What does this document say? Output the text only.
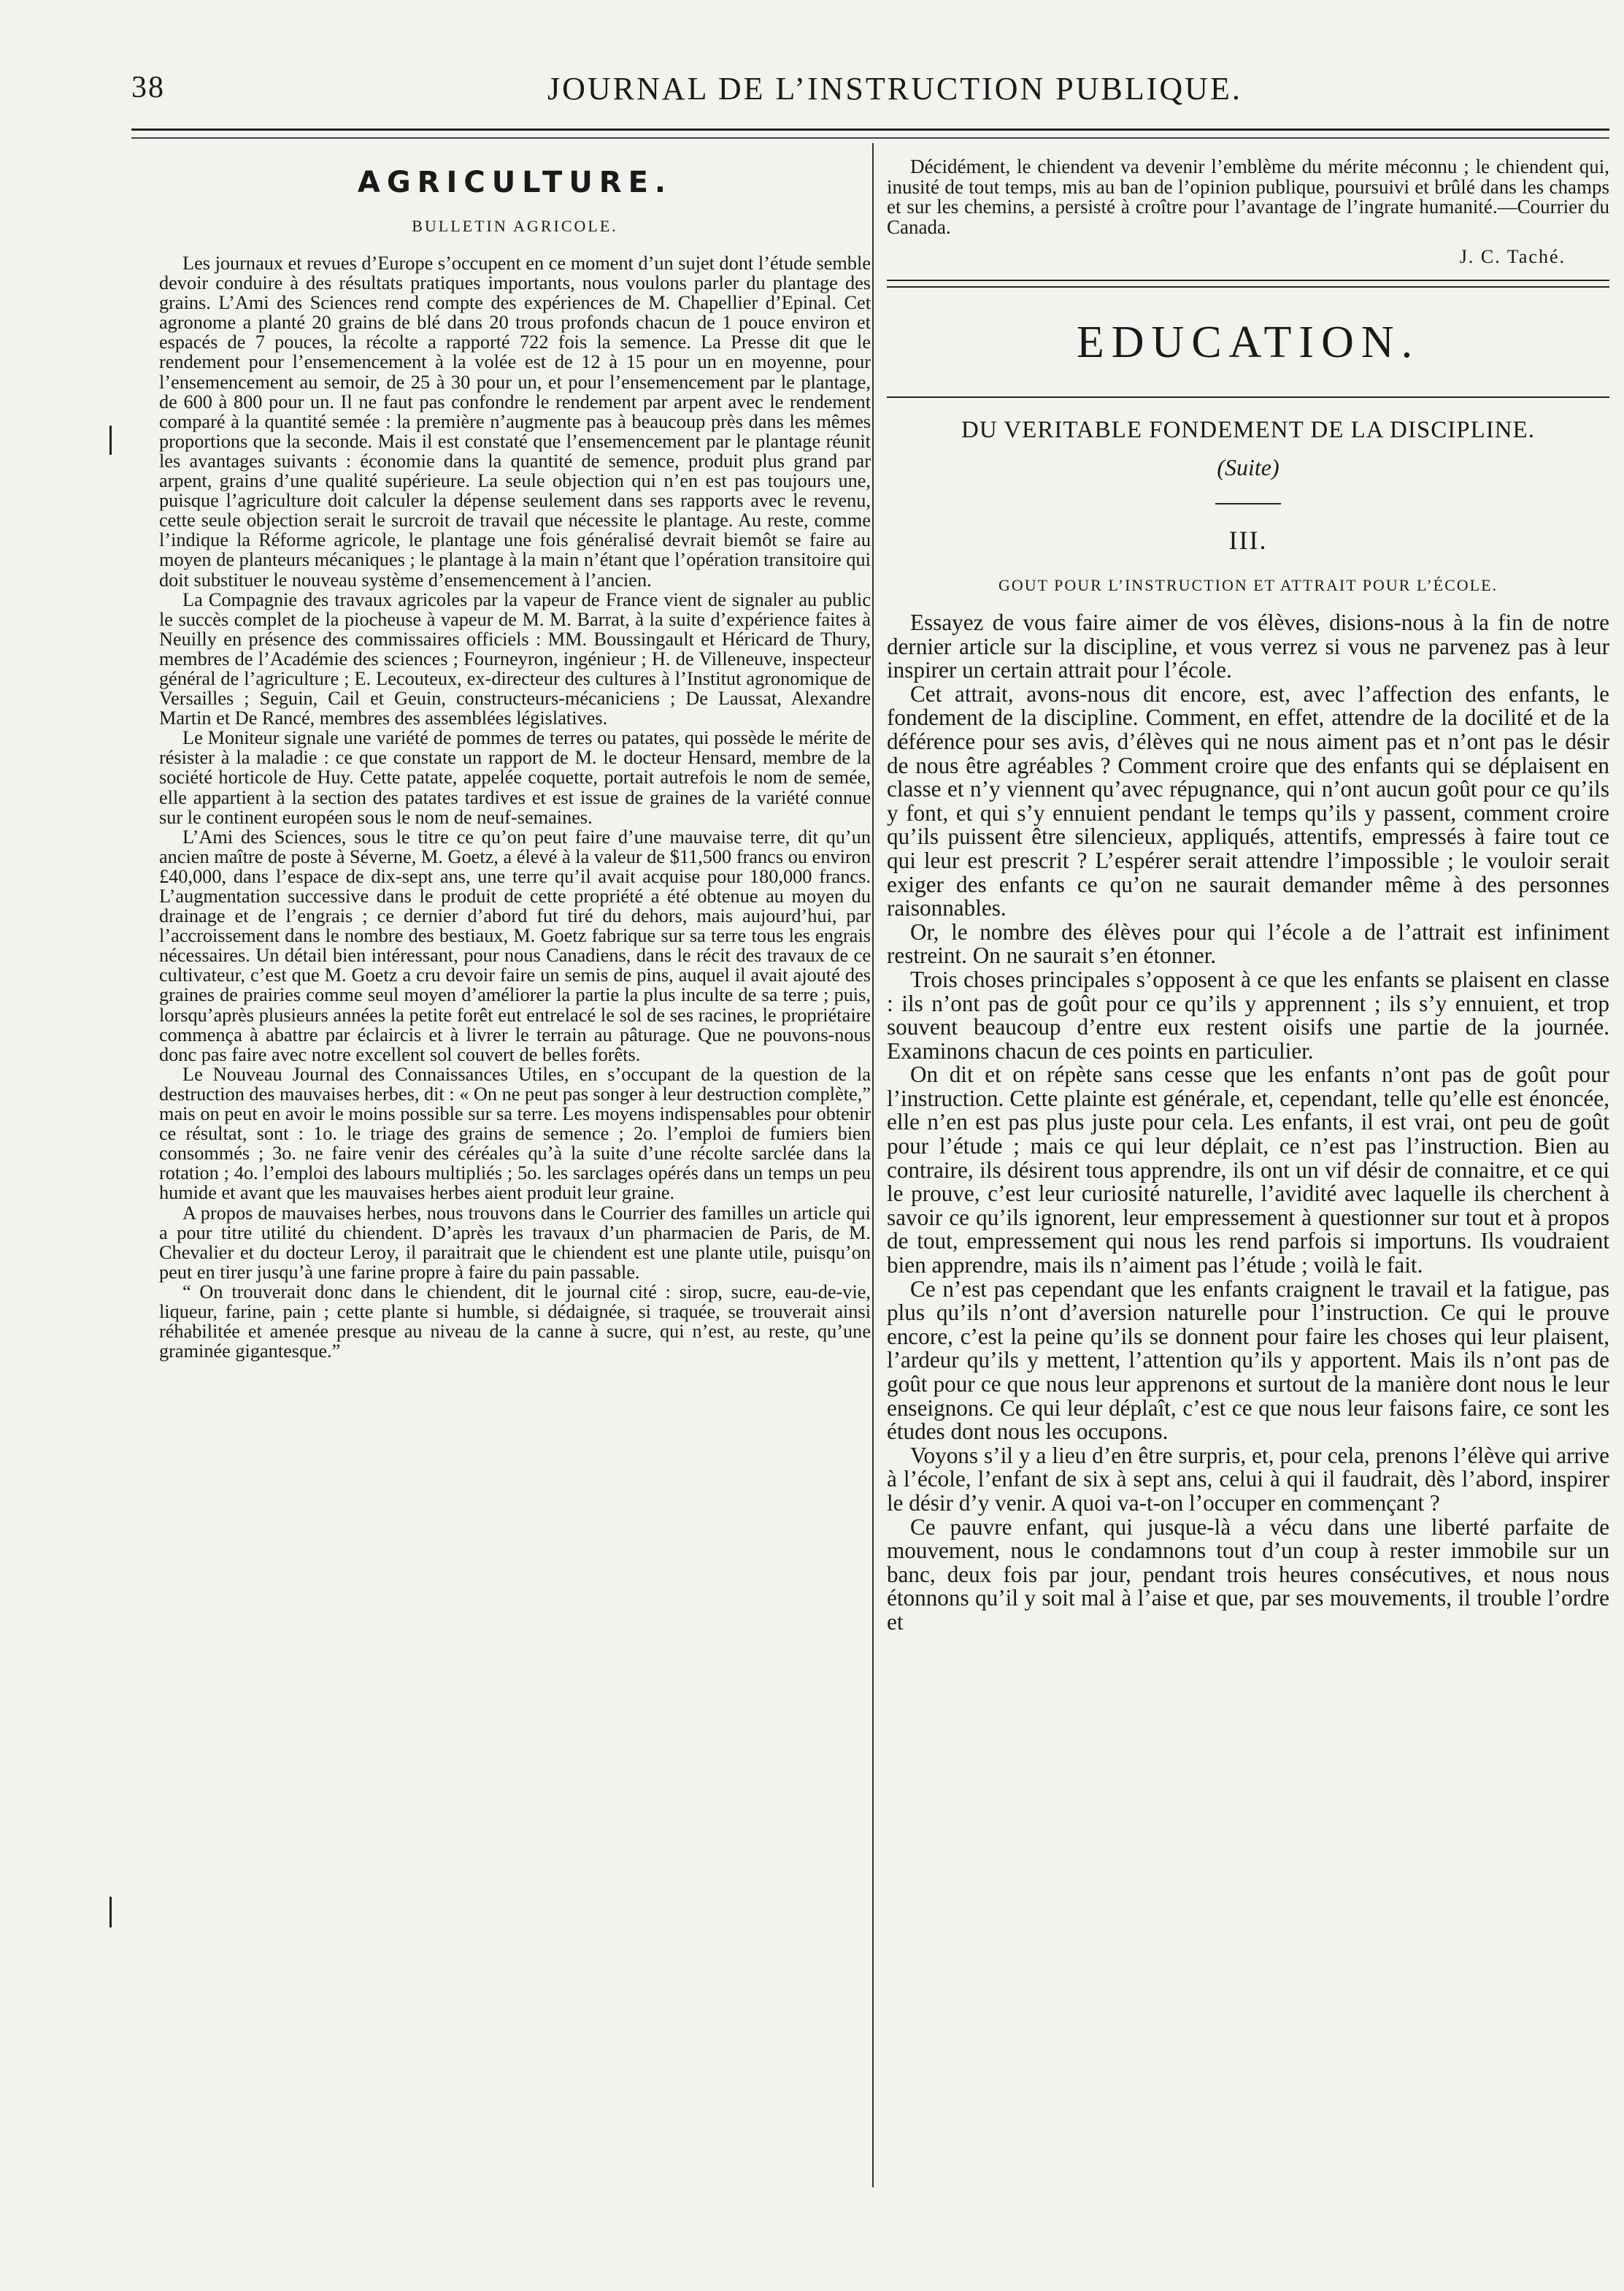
38	JOURNAL DE L’INSTRUCTION PUBLIQUE.
AGRICULTURE.
BULLETIN AGRICOLE.

Les journaux et revues d’Europe s’occupent en ce moment d’un sujet dont l’étude semble devoir conduire à des résultats pratiques importants, nous voulons parler du plantage des grains. L’Ami des Sciences rend compte des expériences de M. Chapellier d’Epinal. Cet agronome a planté 20 grains de blé dans 20 trous profonds chacun de 1 pouce environ et espacés de 7 pouces, la récolte a rapporté 722 fois la semence. La Presse dit que le rendement pour l’ensemencement à la volée est de 12 à 15 pour un en moyenne, pour l’ensemencement au semoir, de 25 à 30 pour un, et pour l’ensemencement par le plantage, de 600 à 800 pour un. Il ne faut pas confondre le rendement par arpent avec le rendement comparé à la quantité semée : la première n’augmente pas à beaucoup près dans les mêmes proportions que la seconde. Mais il est constaté que l’ensemencement par le plantage réunit les avantages suivants : économie dans la quantité de semence, produit plus grand par arpent, grains d’une qualité supérieure. La seule objection qui n’en est pas toujours une, puisque l’agriculture doit calculer la dépense seulement dans ses rapports avec le revenu, cette seule objection serait le surcroit de travail que nécessite le plantage. Au reste, comme l’indique la Réforme agricole, le plantage une fois généralisé devrait biemôt se faire au moyen de planteurs mécaniques ; le plantage à la main n’étant que l’opération transitoire qui doit substituer le nouveau système d’ensemencement à l’ancien.

La Compagnie des travaux agricoles par la vapeur de France vient de signaler au public le succès complet de la piocheuse à vapeur de M. M. Barrat, à la suite d’expérience faites à Neuilly en présence des commissaires officiels : MM. Boussingault et Héricard de Thury, membres de l’Académie des sciences ; Fourneyron, ingénieur ; H. de Villeneuve, inspecteur général de l’agriculture ; E. Lecouteux, ex-directeur des cultures à l’Institut agronomique de Versailles ; Seguin, Cail et Geuin, constructeurs-mécaniciens ; De Laussat, Alexandre Martin et De Rancé, membres des assemblées législatives.

Le Moniteur signale une variété de pommes de terres ou patates, qui possède le mérite de résister à la maladie : ce que constate un rapport de M. le docteur Hensard, membre de la société horticole de Huy. Cette patate, appelée coquette, portait autrefois le nom de semée, elle appartient à la section des patates tardives et est issue de graines de la variété connue sur le continent européen sous le nom de neuf-semaines.

L’Ami des Sciences, sous le titre ce qu’on peut faire d’une mauvaise terre, dit qu’un ancien maître de poste à Séverne, M. Goetz, a élevé à la valeur de $11,500 francs ou environ £40,000, dans l’espace de dix-sept ans, une terre qu’il avait acquise pour 180,000 francs. L’augmentation successive dans le produit de cette propriété a été obtenue au moyen du drainage et de l’engrais ; ce dernier d’abord fut tiré du dehors, mais aujourd’hui, par l’accroissement dans le nombre des bestiaux, M. Goetz fabrique sur sa terre tous les engrais nécessaires. Un détail bien intéressant, pour nous Canadiens, dans le récit des travaux de ce cultivateur, c’est que M. Goetz a cru devoir faire un semis de pins, auquel il avait ajouté des graines de prairies comme seul moyen d’améliorer la partie la plus inculte de sa terre ; puis, lorsqu’après plusieurs années la petite forêt eut entrelacé le sol de ses racines, le propriétaire commença à abattre par éclaircis et à livrer le terrain au pâturage. Que ne pouvons-nous donc pas faire avec notre excellent sol couvert de belles forêts.

Le Nouveau Journal des Connaissances Utiles, en s’occupant de la question de la destruction des mauvaises herbes, dit : « On ne peut pas songer à leur destruction complète,” mais on peut en avoir le moins possible sur sa terre. Les moyens indispensables pour obtenir ce résultat, sont : 1o. le triage des grains de semence ; 2o. l’emploi de fumiers bien consommés ; 3o. ne faire venir des céréales qu’à la suite d’une récolte sarclée dans la rotation ; 4o. l’emploi des labours multipliés ; 5o. les sarclages opérés dans un temps un peu humide et avant que les mauvaises herbes aient produit leur graine.

A propos de mauvaises herbes, nous trouvons dans le Courrier des familles un article qui a pour titre utilité du chiendent. D’après les travaux d’un pharmacien de Paris, de M. Chevalier et du docteur Leroy, il paraitrait que le chiendent est une plante utile, puisqu’on peut en tirer jusqu’à une farine propre à faire du pain passable.

“ On trouverait donc dans le chiendent, dit le journal cité : sirop, sucre, eau-de-vie, liqueur, farine, pain ; cette plante si humble, si dédaignée, si traquée, se trouverait ainsi réhabilitée et amenée presque au niveau de la canne à sucre, qui n’est, au reste, qu’une graminée gigantesque.”

Décidément, le chiendent va devenir l’emblème du mérite méconnu ; le chiendent qui, inusité de tout temps, mis au ban de l’opinion publique, poursuivi et brûlé dans les champs et sur les chemins, a persisté à croître pour l’avantage de l’ingrate humanité.—Courrier du Canada.

J. C. Taché.
EDUCATION.
DU VERITABLE FONDEMENT DE LA DISCIPLINE.
(Suite)
III.
GOUT POUR L’INSTRUCTION ET ATTRAIT POUR L’ÉCOLE.

Essayez de vous faire aimer de vos élèves, disions-nous à la fin de notre dernier article sur la discipline, et vous verrez si vous ne parvenez pas à leur inspirer un certain attrait pour l’école.

Cet attrait, avons-nous dit encore, est, avec l’affection des enfants, le fondement de la discipline. Comment, en effet, attendre de la docilité et de la déférence pour ses avis, d’élèves qui ne nous aiment pas et n’ont pas le désir de nous être agréables ? Comment croire que des enfants qui se déplaisent en classe et n’y viennent qu’avec répugnance, qui n’ont aucun goût pour ce qu’ils y font, et qui s’y ennuient pendant le temps qu’ils y passent, comment croire qu’ils puissent être silencieux, appliqués, attentifs, empressés à faire tout ce qui leur est prescrit ? L’espérer serait attendre l’impossible ; le vouloir serait exiger des enfants ce qu’on ne saurait demander même à des personnes raisonnables.

Or, le nombre des élèves pour qui l’école a de l’attrait est infiniment restreint. On ne saurait s’en étonner.

Trois choses principales s’opposent à ce que les enfants se plaisent en classe : ils n’ont pas de goût pour ce qu’ils y apprennent ; ils s’y ennuient, et trop souvent beaucoup d’entre eux restent oisifs une partie de la journée. Examinons chacun de ces points en particulier.

On dit et on répète sans cesse que les enfants n’ont pas de goût pour l’instruction. Cette plainte est générale, et, cependant, telle qu’elle est énoncée, elle n’en est pas plus juste pour cela. Les enfants, il est vrai, ont peu de goût pour l’étude ; mais ce qui leur déplait, ce n’est pas l’instruction. Bien au contraire, ils désirent tous apprendre, ils ont un vif désir de connaitre, et ce qui le prouve, c’est leur curiosité naturelle, l’avidité avec laquelle ils cherchent à savoir ce qu’ils ignorent, leur empressement à questionner sur tout et à propos de tout, empressement qui nous les rend parfois si importuns. Ils voudraient bien apprendre, mais ils n’aiment pas l’étude ; voilà le fait.

Ce n’est pas cependant que les enfants craignent le travail et la fatigue, pas plus qu’ils n’ont d’aversion naturelle pour l’instruction. Ce qui le prouve encore, c’est la peine qu’ils se donnent pour faire les choses qui leur plaisent, l’ardeur qu’ils y mettent, l’attention qu’ils y apportent. Mais ils n’ont pas de goût pour ce que nous leur apprenons et surtout de la manière dont nous le leur enseignons. Ce qui leur déplaît, c’est ce que nous leur faisons faire, ce sont les études dont nous les occupons.

Voyons s’il y a lieu d’en être surpris, et, pour cela, prenons l’élève qui arrive à l’école, l’enfant de six à sept ans, celui à qui il faudrait, dès l’abord, inspirer le désir d’y venir. A quoi va-t-on l’occuper en commençant ?

Ce pauvre enfant, qui jusque-là a vécu dans une liberté parfaite de mouvement, nous le condamnons tout d’un coup à rester immobile sur un banc, deux fois par jour, pendant trois heures consécutives, et nous nous étonnons qu’il y soit mal à l’aise et que, par ses mouvements, il trouble l’ordre et
